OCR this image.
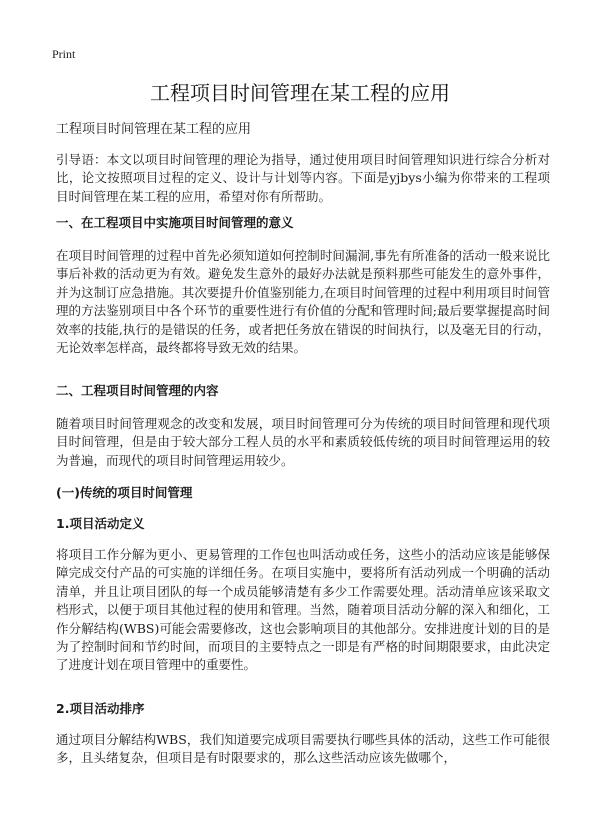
Print
工程项目时间管理在某工程的应用
工程项目时间管理在某工程的应用

引导语：本文以项目时间管理的理论为指导，通过使用项目时间管理知识进行综合分析对比，论文按照项目过程的定义、设计与计划等内容。下面是yjbys小编为你带来的工程项目时间管理在某工程的应用，希望对你有所帮助。

一、在工程项目中实施项目时间管理的意义

在项目时间管理的过程中首先必须知道如何控制时间漏洞,事先有所准备的活动一般来说比事后补救的活动更为有效。避免发生意外的最好办法就是预料那些可能发生的意外事件，并为这制订应急措施。其次要提升价值鉴别能力,在项目时间管理的过程中利用项目时间管理的方法鉴别项目中各个环节的重要性进行有价值的分配和管理时间;最后要掌握提高时间效率的技能,执行的是错误的任务，或者把任务放在错误的时间执行，以及毫无目的行动，无论效率怎样高，最终都将导致无效的结果。

二、工程项目时间管理的内容

随着项目时间管理观念的改变和发展，项目时间管理可分为传统的项目时间管理和现代项目时间管理，但是由于较大部分工程人员的水平和素质较低传统的项目时间管理运用的较为普遍，而现代的项目时间管理运用较少。

(一)传统的项目时间管理
1.项目活动定义

将项目工作分解为更小、更易管理的工作包也叫活动或任务，这些小的活动应该是能够保障完成交付产品的可实施的详细任务。在项目实施中，要将所有活动列成一个明确的活动清单，并且让项目团队的每一个成员能够清楚有多少工作需要处理。活动清单应该采取文档形式，以便于项目其他过程的使用和管理。当然，随着项目活动分解的深入和细化，工作分解结构(WBS)可能会需要修改，这也会影响项目的其他部分。安排进度计划的目的是为了控制时间和节约时间，而项目的主要特点之一即是有严格的时间期限要求，由此决定了进度计划在项目管理中的重要性。

2.项目活动排序

通过项目分解结构WBS，我们知道要完成项目需要执行哪些具体的活动，这些工作可能很多，且头绪复杂，但项目是有时限要求的，那么这些活动应该先做哪个，
